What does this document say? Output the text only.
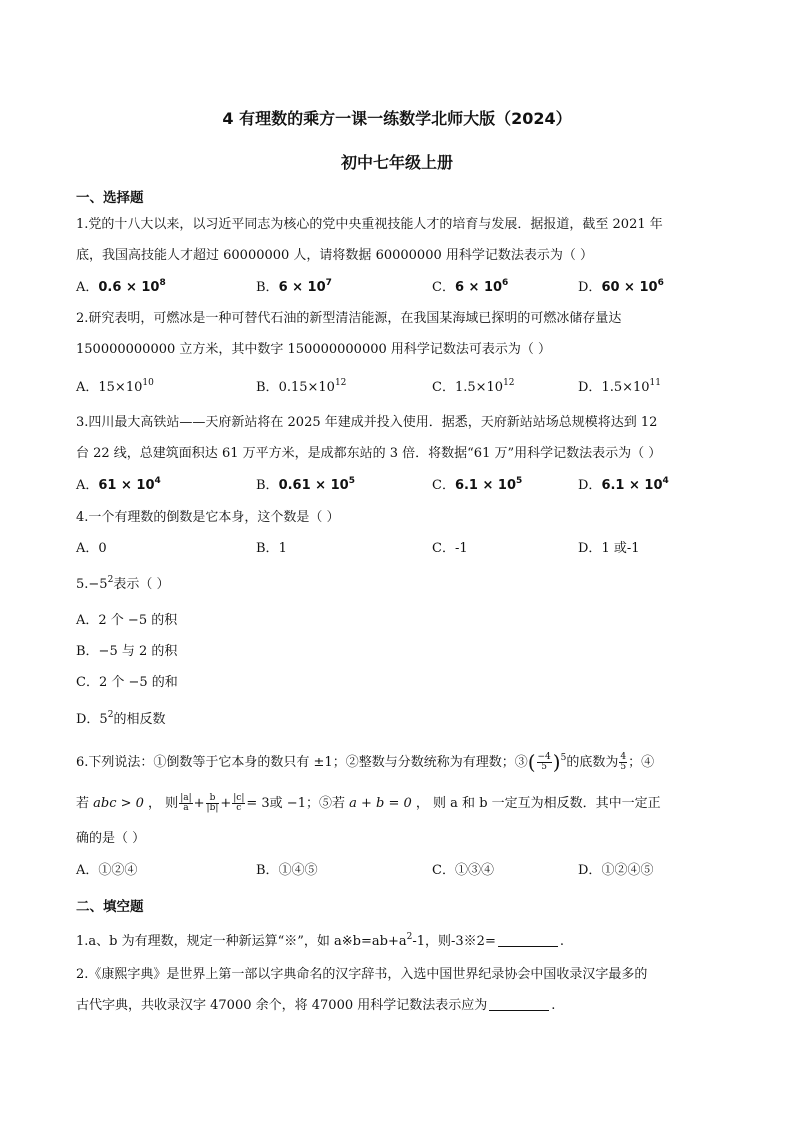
4 有理数的乘方一课一练数学北师大版（2024）
初中七年级上册
一、选择题
1.党的十八大以来，以习近平同志为核心的党中央重视技能人才的培育与发展．据报道，截至 2021 年
底，我国高技能人才超过 60000000 人，请将数据 60000000 用科学记数法表示为（ ）
A．$0.6 \times 10^8$	B．$6 \times 10^7$	C．$6 \times 10^6$	D．$60 \times 10^6$
2.研究表明，可燃冰是一种可替代石油的新型清洁能源，在我国某海域已探明的可燃冰储存量达
150000000000 立方米，其中数字 150000000000 用科学记数法可表示为（ ）
A．$15\times 10^{10}$	B．$0.15\times 10^{12}$	C．$1.5\times 10^{12}$	D．$1.5\times 10^{11}$
3.四川最大高铁站——天府新站将在 2025 年建成并投入使用．据悉，天府新站站场总规模将达到 12
台 22 线，总建筑面积达 61 万平方米，是成都东站的 3 倍．将数据“61 万”用科学记数法表示为（ ）
A．$61 \times 10^4$	B．$0.61 \times 10^5$	C．$6.1 \times 10^5$	D．$6.1 \times 10^4$
4.一个有理数的倒数是它本身，这个数是（ ）
A．0	B．1	C．-1	D．1 或-1
$5.-5^2$表示（ ）
A．2 个 −5 的积
B．−5 与 2 的积
C．2 个 −5 的和
D．$5^2$的相反数
6.下列说法：①倒数等于它本身的数只有 ±1；②整数与分数统称为有理数；③( $\frac{-4}{5} )^5$的底数为 $\frac{4}{5}$ ；④
若 abc > 0 ， 则 $\frac{|a|}{a} + \frac{b}{|b|} + \frac{|c|}{c} = 3$或 −1；⑤若 a + b = 0 ， 则 a 和 b 一定互为相反数．其中一定正
确的是（ ）
A．①②④	B．①④⑤	C．①③④	D．①②④⑤
二、填空题
1.a、b 为有理数，规定一种新运算“※”，如 $a※b=ab+a^2-1$，则-3※2=	.
2.《康熙字典》是世界上第一部以字典命名的汉字辞书，入选中国世界纪录协会中国收录汉字最多的
古代字典，共收录汉字 47000 余个，将 47000 用科学记数法表示应为	.
